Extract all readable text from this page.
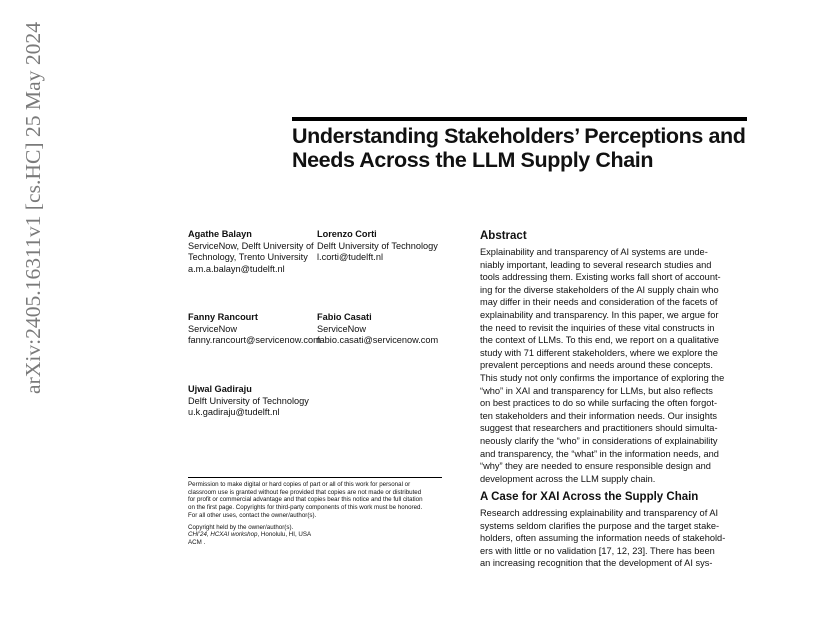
arXiv:2405.16311v1 [cs.HC] 25 May 2024	Understanding Stakeholders’ Perceptions and
Needs Across the LLM Supply Chain
Agathe Balayn
ServiceNow, Delft University of
Technology, Trento University
a.m.a.balayn@tudelft.nl
Lorenzo Corti
Delft University of Technology
l.corti@tudelft.nl
Fanny Rancourt
ServiceNow
fanny.rancourt@servicenow.com
Fabio Casati
ServiceNow
fabio.casati@servicenow.com
Ujwal Gadiraju
Delft University of Technology
u.k.gadiraju@tudelft.nl
Permission to make digital or hard copies of part or all of this work for personal or
classroom use is granted without fee provided that copies are not made or distributed
for profit or commercial advantage and that copies bear this notice and the full citation
on the first page. Copyrights for third-party components of this work must be honored.
For all other uses, contact the owner/author(s).
Copyright held by the owner/author(s).
CHI’24, HCXAI workshop, Honolulu, HI, USA
ACM .
Abstract
Explainability and transparency of AI systems are unde-
niably important, leading to several research studies and
tools addressing them. Existing works fall short of account-
ing for the diverse stakeholders of the AI supply chain who
may differ in their needs and consideration of the facets of
explainability and transparency. In this paper, we argue for
the need to revisit the inquiries of these vital constructs in
the context of LLMs. To this end, we report on a qualitative
study with 71 different stakeholders, where we explore the
prevalent perceptions and needs around these concepts.
This study not only confirms the importance of exploring the
“who” in XAI and transparency for LLMs, but also reflects
on best practices to do so while surfacing the often forgot-
ten stakeholders and their information needs. Our insights
suggest that researchers and practitioners should simulta-
neously clarify the “who” in considerations of explainability
and transparency, the “what” in the information needs, and
“why” they are needed to ensure responsible design and
development across the LLM supply chain.
A Case for XAI Across the Supply Chain
Research addressing explainability and transparency of AI
systems seldom clarifies the purpose and the target stake-
holders, often assuming the information needs of stakehold-
ers with little or no validation [17, 12, 23]. There has been
an increasing recognition that the development of AI sys-
